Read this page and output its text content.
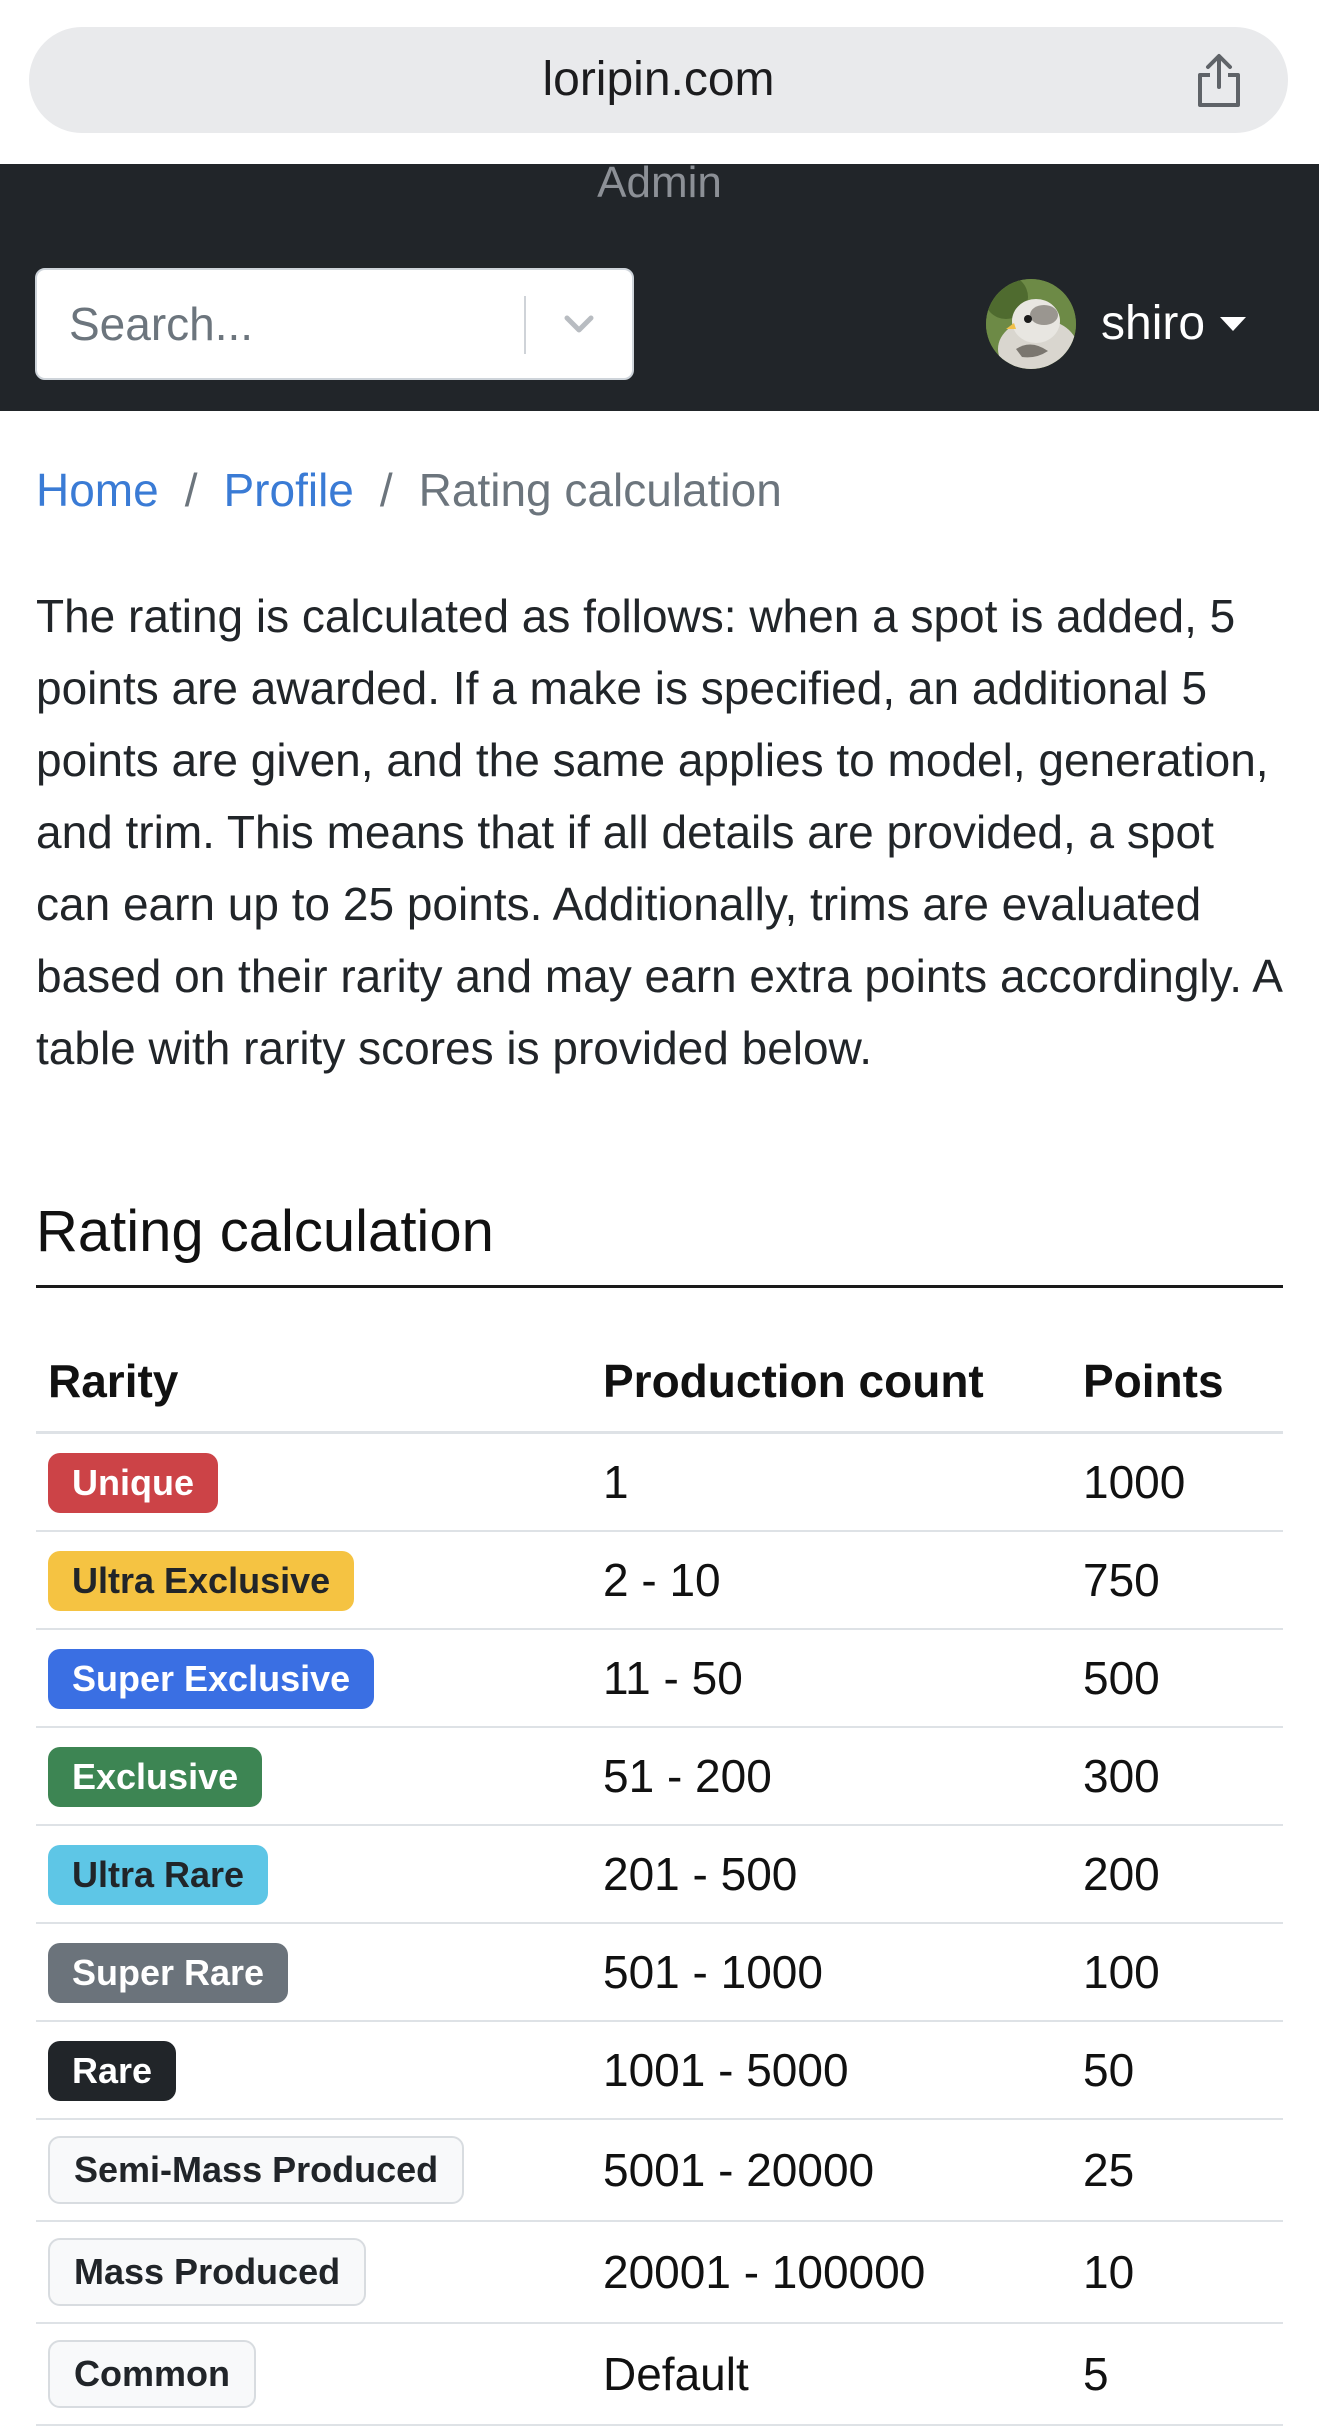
loripin.com
Admin
Search...	shiro
Home / Profile / Rating calculation

The rating is calculated as follows: when a spot is added, 5 points are awarded. If a make is specified, an additional 5 points are given, and the same applies to model, generation, and trim. This means that if all details are provided, a spot can earn up to 25 points. Additionally, trims are evaluated based on their rarity and may earn extra points accordingly. A table with rarity scores is provided below.

Rating calculation
Rarity	Production count	Points
Unique	1	1000
Ultra Exclusive	2 - 10	750
Super Exclusive	11 - 50	500
Exclusive	51 - 200	300
Ultra Rare	201 - 500	200
Super Rare	501 - 1000	100
Rare	1001 - 5000	50
Semi-Mass Produced	5001 - 20000	25
Mass Produced	20001 - 100000	10
Common	Default	5
